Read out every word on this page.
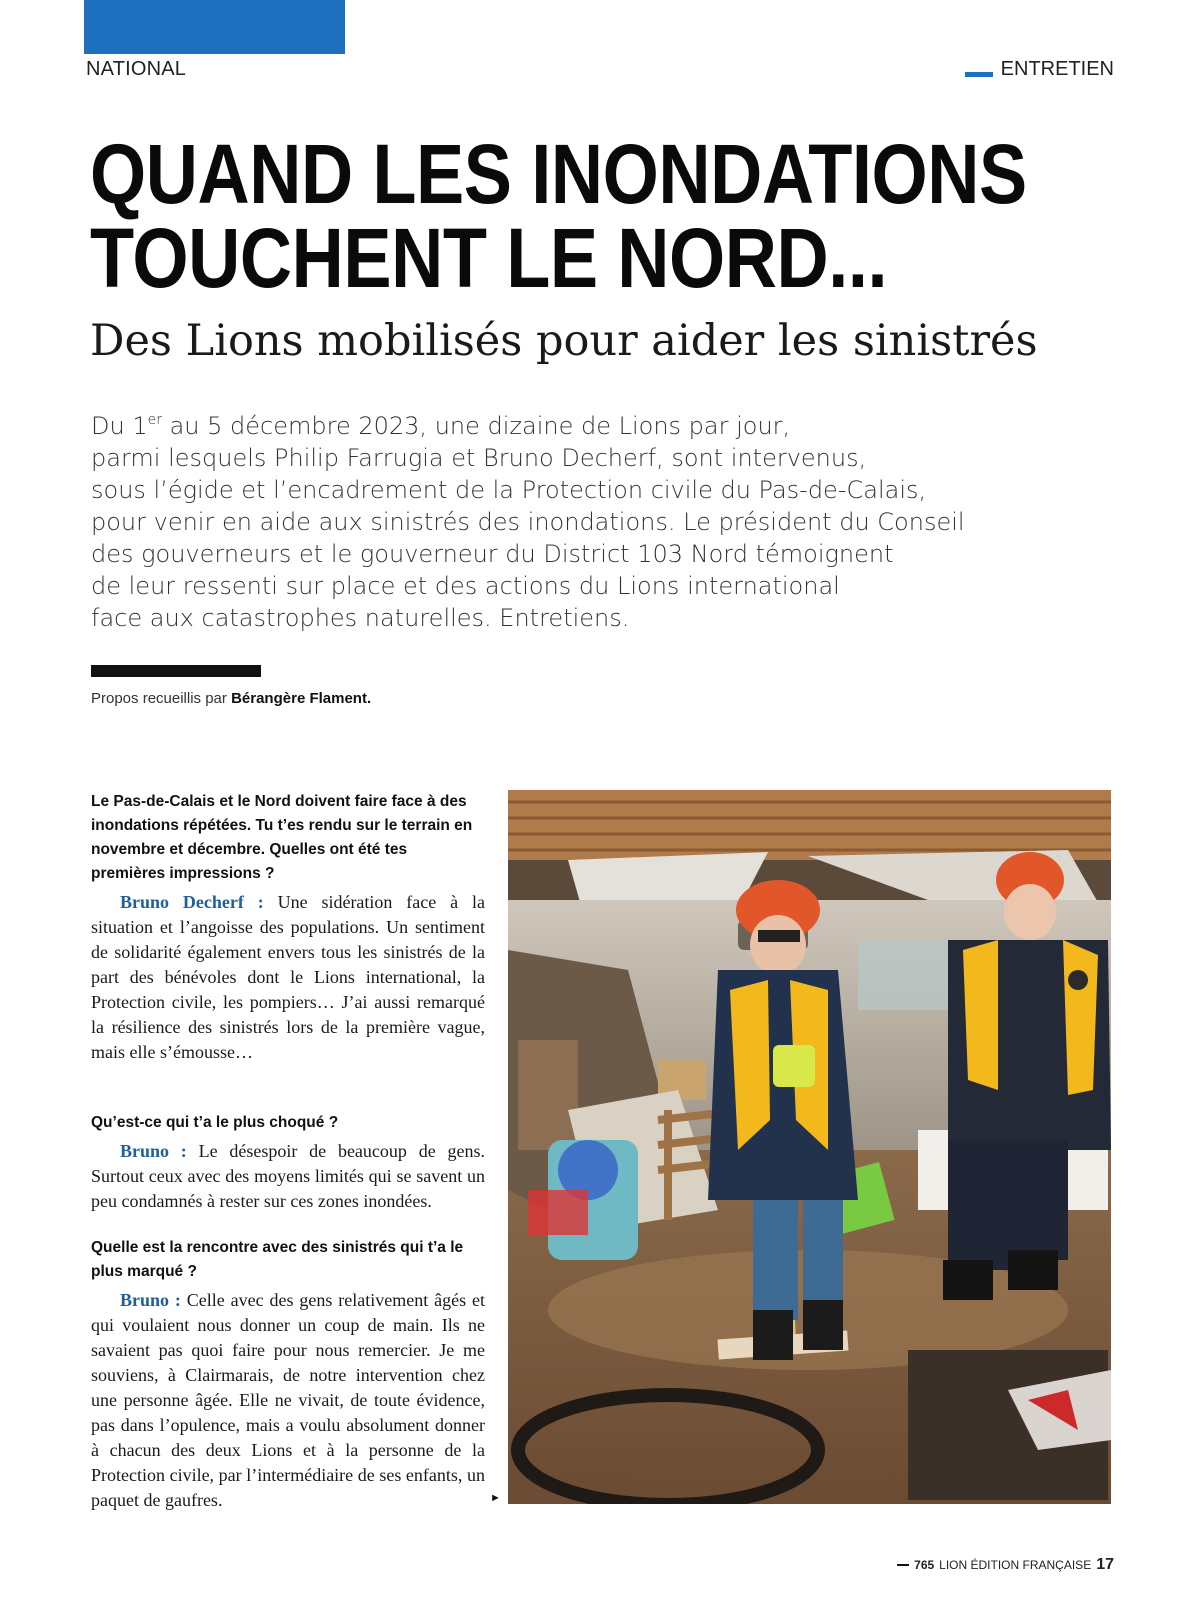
NATIONAL	ENTRETIEN
QUAND LES INONDATIONS
TOUCHENT LE NORD...
Des Lions mobilisés pour aider les sinistrés
Du 1er au 5 décembre 2023, une dizaine de Lions par jour,
parmi lesquels Philip Farrugia et Bruno Decherf, sont intervenus,
sous l’égide et l’encadrement de la Protection civile du Pas-de-Calais,
pour venir en aide aux sinistrés des inondations. Le président du Conseil
des gouverneurs et le gouverneur du District 103 Nord témoignent
de leur ressenti sur place et des actions du Lions international
face aux catastrophes naturelles. Entretiens.
Propos recueillis par Bérangère Flament.

Le Pas-de-Calais et le Nord doivent faire face à des inondations répétées. Tu t’es rendu sur le terrain en novembre et décembre. Quelles ont été tes premières impressions ?

Bruno Decherf : Une sidération face à la situation et l’angoisse des populations. Un sentiment de solidarité également envers tous les sinistrés de la part des bénévoles dont le Lions international, la Protection civile, les pompiers… J’ai aussi remarqué la résilience des sinistrés lors de la première vague, mais elle s’émousse…

Qu’est-ce qui t’a le plus choqué ?

Bruno : Le désespoir de beaucoup de gens. Surtout ceux avec des moyens limités qui se savent un peu condamnés à rester sur ces zones inondées.

Quelle est la rencontre avec des sinistrés qui t’a le plus marqué ?

Bruno : Celle avec des gens relativement âgés et qui voulaient nous donner un coup de main. Ils ne savaient pas quoi faire pour nous remercier. Je me souviens, à Clairmarais, de notre intervention chez une personne âgée. Elle ne vivait, de toute évidence, pas dans l’opulence, mais a voulu absolument donner à chacun des deux Lions et à la personne de la Protection civile, par l’intermédiaire de ses enfants, un paquet de gaufres.	►
765 LION ÉDITION FRANÇAISE 17
